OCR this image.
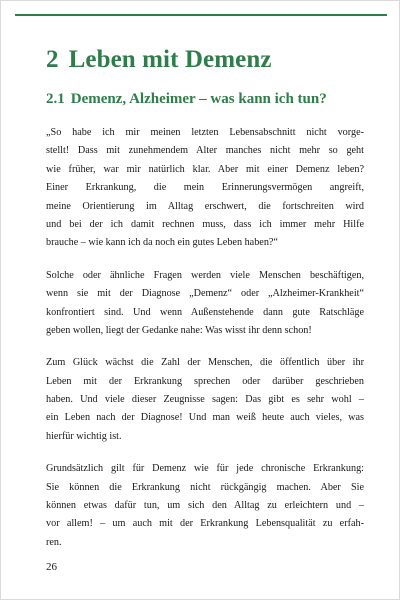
2 Leben mit Demenz
2.1 Demenz, Alzheimer – was kann ich tun?

„So habe ich mir meinen letzten Lebensabschnitt nicht vorge-
stellt! Dass mit zunehmendem Alter manches nicht mehr so geht
wie früher, war mir natürlich klar. Aber mit einer Demenz leben?
Einer Erkrankung, die mein Erinnerungsvermögen angreift,
meine Orientierung im Alltag erschwert, die fortschreiten wird
und bei der ich damit rechnen muss, dass ich immer mehr Hilfe
brauche – wie kann ich da noch ein gutes Leben haben?“

Solche oder ähnliche Fragen werden viele Menschen beschäftigen,
wenn sie mit der Diagnose „Demenz“ oder „Alzheimer-Krankheit“
konfrontiert sind. Und wenn Außenstehende dann gute Ratschläge
geben wollen, liegt der Gedanke nahe: Was wisst ihr denn schon!

Zum Glück wächst die Zahl der Menschen, die öffentlich über ihr
Leben mit der Erkrankung sprechen oder darüber geschrieben
haben. Und viele dieser Zeugnisse sagen: Das gibt es sehr wohl –
ein Leben nach der Diagnose! Und man weiß heute auch vieles, was
hierfür wichtig ist.

Grundsätzlich gilt für Demenz wie für jede chronische Erkrankung:
Sie können die Erkrankung nicht rückgängig machen. Aber Sie
können etwas dafür tun, um sich den Alltag zu erleichtern und –
vor allem! – um auch mit der Erkrankung Lebensqualität zu erfah-
ren.

26
